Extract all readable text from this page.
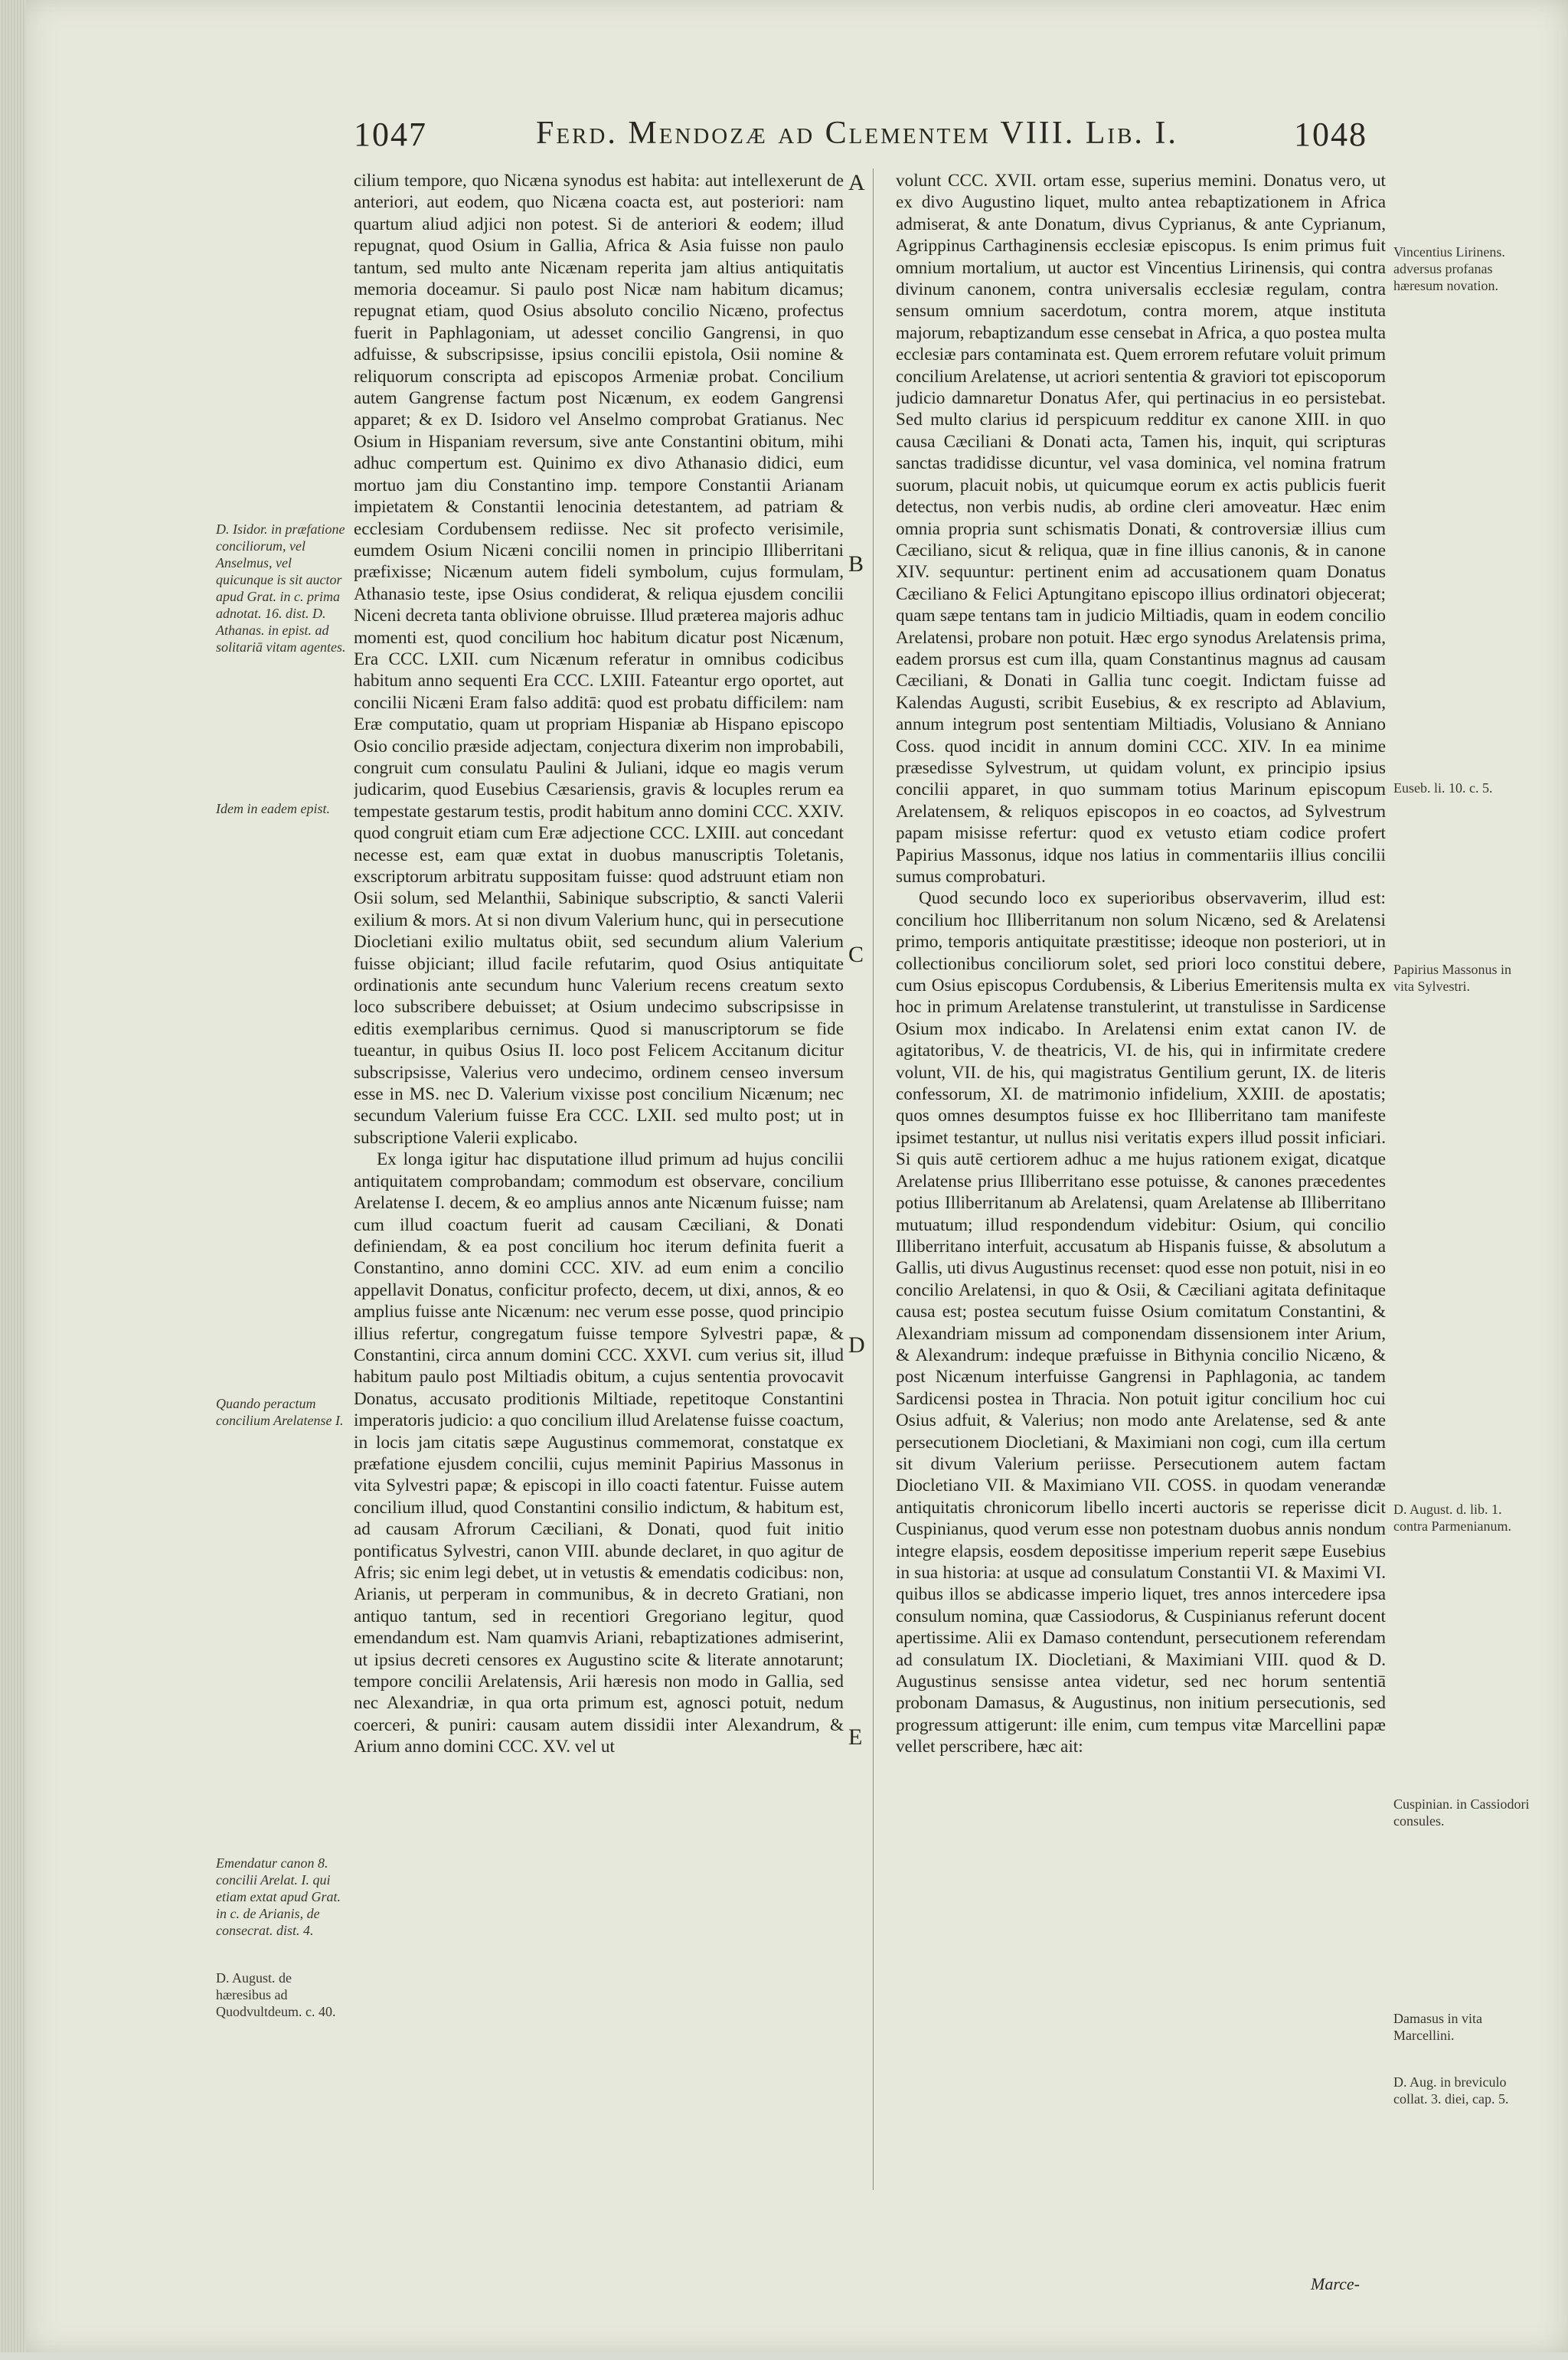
1047	Ferd. Mendozæ ad Clementem VIII. Lib. I.	1048

cilium tempore, quo Nicæna synodus est habita: aut intellexerunt de anteriori, aut eodem, quo Nicæna coacta est, aut posteriori: nam quartum aliud adjici non potest. Si de anteriori & eodem; illud repugnat, quod Osium in Gallia, Africa & Asia fuisse non paulo tantum, sed multo ante Nicænam reperita jam altius antiquitatis memoria doceamur. Si paulo post Nicæ nam habitum dicamus; repugnat etiam, quod Osius absoluto concilio Nicæno, profectus fuerit in Paphlagoniam, ut adesset concilio Gangrensi, in quo adfuisse, & subscripsisse, ipsius concilii epistola, Osii nomine & reliquorum conscripta ad episcopos Armeniæ probat. Concilium autem Gangrense factum post Nicænum, ex eodem Gangrensi apparet; & ex D. Isidoro vel Anselmo comprobat Gratianus. Nec Osium in Hispaniam reversum, sive ante Constantini obitum, mihi adhuc compertum est. Quinimo ex divo Athanasio didici, eum mortuo jam diu Constantino imp. tempore Constantii Arianam impietatem & Constantii lenocinia detestantem, ad patriam & ecclesiam Cordubensem rediisse. Nec sit profecto verisimile, eumdem Osium Nicæni concilii nomen in principio Illiberritani præfixisse; Nicænum autem fideli symbolum, cujus formulam, Athanasio teste, ipse Osius condiderat, & reliqua ejusdem concilii Niceni decreta tanta oblivione obruisse. Illud præterea majoris adhuc momenti est, quod concilium hoc habitum dicatur post Nicænum, Era CCC. LXII. cum Nicænum referatur in omnibus codicibus habitum anno sequenti Era CCC. LXIII. Fateantur ergo oportet, aut concilii Nicæni Eram falso additā: quod est probatu difficilem: nam Eræ computatio, quam ut propriam Hispaniæ ab Hispano episcopo Osio concilio præside adjectam, conjectura dixerim non improbabili, congruit cum consulatu Paulini & Juliani, idque eo magis verum judicarim, quod Eusebius Cæsariensis, gravis & locuples rerum ea tempestate gestarum testis, prodit habitum anno domini CCC. XXIV. quod congruit etiam cum Eræ adjectione CCC. LXIII. aut concedant necesse est, eam quæ extat in duobus manuscriptis Toletanis, exscriptorum arbitratu suppositam fuisse: quod adstruunt etiam non Osii solum, sed Melanthii, Sabinique subscriptio, & sancti Valerii exilium & mors. At si non divum Valerium hunc, qui in persecutione Diocletiani exilio multatus obiit, sed secundum alium Valerium fuisse objiciant; illud facile refutarim, quod Osius antiquitate ordinationis ante secundum hunc Valerium recens creatum sexto loco subscribere debuisset; at Osium undecimo subscripsisse in editis exemplaribus cernimus. Quod si manuscriptorum se fide tueantur, in quibus Osius II. loco post Felicem Accitanum dicitur subscripsisse, Valerius vero undecimo, ordinem censeo inversum esse in MS. nec D. Valerium vixisse post concilium Nicænum; nec secundum Valerium fuisse Era CCC. LXII. sed multo post; ut in subscriptione Valerii explicabo.

Ex longa igitur hac disputatione illud primum ad hujus concilii antiquitatem comprobandam; commodum est observare, concilium Arelatense I. decem, & eo amplius annos ante Nicænum fuisse; nam cum illud coactum fuerit ad causam Cæciliani, & Donati definiendam, & ea post concilium hoc iterum definita fuerit a Constantino, anno domini CCC. XIV. ad eum enim a concilio appellavit Donatus, conficitur profecto, decem, ut dixi, annos, & eo amplius fuisse ante Nicænum: nec verum esse posse, quod principio illius refertur, congregatum fuisse tempore Sylvestri papæ, & Constantini, circa annum domini CCC. XXVI. cum verius sit, illud habitum paulo post Miltiadis obitum, a cujus sententia provocavit Donatus, accusato proditionis Miltiade, repetitoque Constantini imperatoris judicio: a quo concilium illud Arelatense fuisse coactum, in locis jam citatis sæpe Augustinus commemorat, constatque ex præfatione ejusdem concilii, cujus meminit Papirius Massonus in vita Sylvestri papæ; & episcopi in illo coacti fatentur. Fuisse autem concilium illud, quod Constantini consilio indictum, & habitum est, ad causam Afrorum Cæciliani, & Donati, quod fuit initio pontificatus Sylvestri, canon VIII. abunde declaret, in quo agitur de Afris; sic enim legi debet, ut in vetustis & emendatis codicibus: non, Arianis, ut perperam in communibus, & in decreto Gratiani, non antiquo tantum, sed in recentiori Gregoriano legitur, quod emendandum est. Nam quamvis Ariani, rebaptizationes admiserint, ut ipsius decreti censores ex Augustino scite & literate annotarunt; tempore concilii Arelatensis, Arii hæresis non modo in Gallia, sed nec Alexandriæ, in qua orta primum est, agnosci potuit, nedum coerceri, & puniri: causam autem dissidii inter Alexandrum, & Arium anno domini CCC. XV. vel ut

volunt CCC. XVII. ortam esse, superius memini. Donatus vero, ut ex divo Augustino liquet, multo antea rebaptizationem in Africa admiserat, & ante Donatum, divus Cyprianus, & ante Cyprianum, Agrippinus Carthaginensis ecclesiæ episcopus. Is enim primus fuit omnium mortalium, ut auctor est Vincentius Lirinensis, qui contra divinum canonem, contra universalis ecclesiæ regulam, contra sensum omnium sacerdotum, contra morem, atque instituta majorum, rebaptizandum esse censebat in Africa, a quo postea multa ecclesiæ pars contaminata est. Quem errorem refutare voluit primum concilium Arelatense, ut acriori sententia & graviori tot episcoporum judicio damnaretur Donatus Afer, qui pertinacius in eo persistebat. Sed multo clarius id perspicuum redditur ex canone XIII. in quo causa Cæciliani & Donati acta, Tamen his, inquit, qui scripturas sanctas tradidisse dicuntur, vel vasa dominica, vel nomina fratrum suorum, placuit nobis, ut quicumque eorum ex actis publicis fuerit detectus, non verbis nudis, ab ordine cleri amoveatur. Hæc enim omnia propria sunt schismatis Donati, & controversiæ illius cum Cæciliano, sicut & reliqua, quæ in fine illius canonis, & in canone XIV. sequuntur: pertinent enim ad accusationem quam Donatus Cæciliano & Felici Aptungitano episcopo illius ordinatori objecerat; quam sæpe tentans tam in judicio Miltiadis, quam in eodem concilio Arelatensi, probare non potuit. Hæc ergo synodus Arelatensis prima, eadem prorsus est cum illa, quam Constantinus magnus ad causam Cæciliani, & Donati in Gallia tunc coegit. Indictam fuisse ad Kalendas Augusti, scribit Eusebius, & ex rescripto ad Ablavium, annum integrum post sententiam Miltiadis, Volusiano & Anniano Coss. quod incidit in annum domini CCC. XIV. In ea minime præsedisse Sylvestrum, ut quidam volunt, ex principio ipsius concilii apparet, in quo summam totius Marinum episcopum Arelatensem, & reliquos episcopos in eo coactos, ad Sylvestrum papam misisse refertur: quod ex vetusto etiam codice profert Papirius Massonus, idque nos latius in commentariis illius concilii sumus comprobaturi.

Quod secundo loco ex superioribus observaverim, illud est: concilium hoc Illiberritanum non solum Nicæno, sed & Arelatensi primo, temporis antiquitate præstitisse; ideoque non posteriori, ut in collectionibus conciliorum solet, sed priori loco constitui debere, cum Osius episcopus Cordubensis, & Liberius Emeritensis multa ex hoc in primum Arelatense transtulerint, ut transtulisse in Sardicense Osium mox indicabo. In Arelatensi enim extat canon IV. de agitatoribus, V. de theatricis, VI. de his, qui in infirmitate credere volunt, VII. de his, qui magistratus Gentilium gerunt, IX. de literis confessorum, XI. de matrimonio infidelium, XXIII. de apostatis; quos omnes desumptos fuisse ex hoc Illiberritano tam manifeste ipsimet testantur, ut nullus nisi veritatis expers illud possit inficiari. Si quis autē certiorem adhuc a me hujus rationem exigat, dicatque Arelatense prius Illiberritano esse potuisse, & canones præcedentes potius Illiberritanum ab Arelatensi, quam Arelatense ab Illiberritano mutuatum; illud respondendum videbitur: Osium, qui concilio Illiberritano interfuit, accusatum ab Hispanis fuisse, & absolutum a Gallis, uti divus Augustinus recenset: quod esse non potuit, nisi in eo concilio Arelatensi, in quo & Osii, & Cæciliani agitata definitaque causa est; postea secutum fuisse Osium comitatum Constantini, & Alexandriam missum ad componendam dissensionem inter Arium, & Alexandrum: indeque præfuisse in Bithynia concilio Nicæno, & post Nicænum interfuisse Gangrensi in Paphlagonia, ac tandem Sardicensi postea in Thracia. Non potuit igitur concilium hoc cui Osius adfuit, & Valerius; non modo ante Arelatense, sed & ante persecutionem Diocletiani, & Maximiani non cogi, cum illa certum sit divum Valerium periisse. Persecutionem autem factam Diocletiano VII. & Maximiano VII. COSS. in quodam venerandæ antiquitatis chronicorum libello incerti auctoris se reperisse dicit Cuspinianus, quod verum esse non potestnam duobus annis nondum integre elapsis, eosdem depositisse imperium reperit sæpe Eusebius in sua historia: at usque ad consulatum Constantii VI. & Maximi VI. quibus illos se abdicasse imperio liquet, tres annos intercedere ipsa consulum nomina, quæ Cassiodorus, & Cuspinianus referunt docent apertissime. Alii ex Damaso contendunt, persecutionem referendam ad consulatum IX. Diocletiani, & Maximiani VIII. quod & D. Augustinus sensisse antea videtur, sed nec horum sententiā probonam Damasus, & Augustinus, non initium persecutionis, sed progressum attigerunt: ille enim, cum tempus vitæ Marcellini papæ vellet perscribere, hæc ait:

A
B
C
D
E
D. Isidor. in præfatione conciliorum, vel Anselmus, vel quicunque is sit auctor apud Grat. in c. prima adnotat. 16. dist. D. Athanas. in epist. ad solitariā vitam agentes.
Idem in eadem epist.
Quando peractum concilium Arelatense I.
Emendatur canon 8. concilii Arelat. I. qui etiam extat apud Grat. in c. de Arianis, de consecrat. dist. 4.
D. August. de hæresibus ad Quodvultdeum. c. 40.
Vincentius Lirinens. adversus profanas hæresum novation.
Euseb. li. 10. c. 5.
Papirius Massonus in vita Sylvestri.
D. August. d. lib. 1. contra Parmenianum.
Cuspinian. in Cassiodori consules.
Damasus in vita Marcellini.
D. Aug. in breviculo collat. 3. diei, cap. 5.
Marce-
